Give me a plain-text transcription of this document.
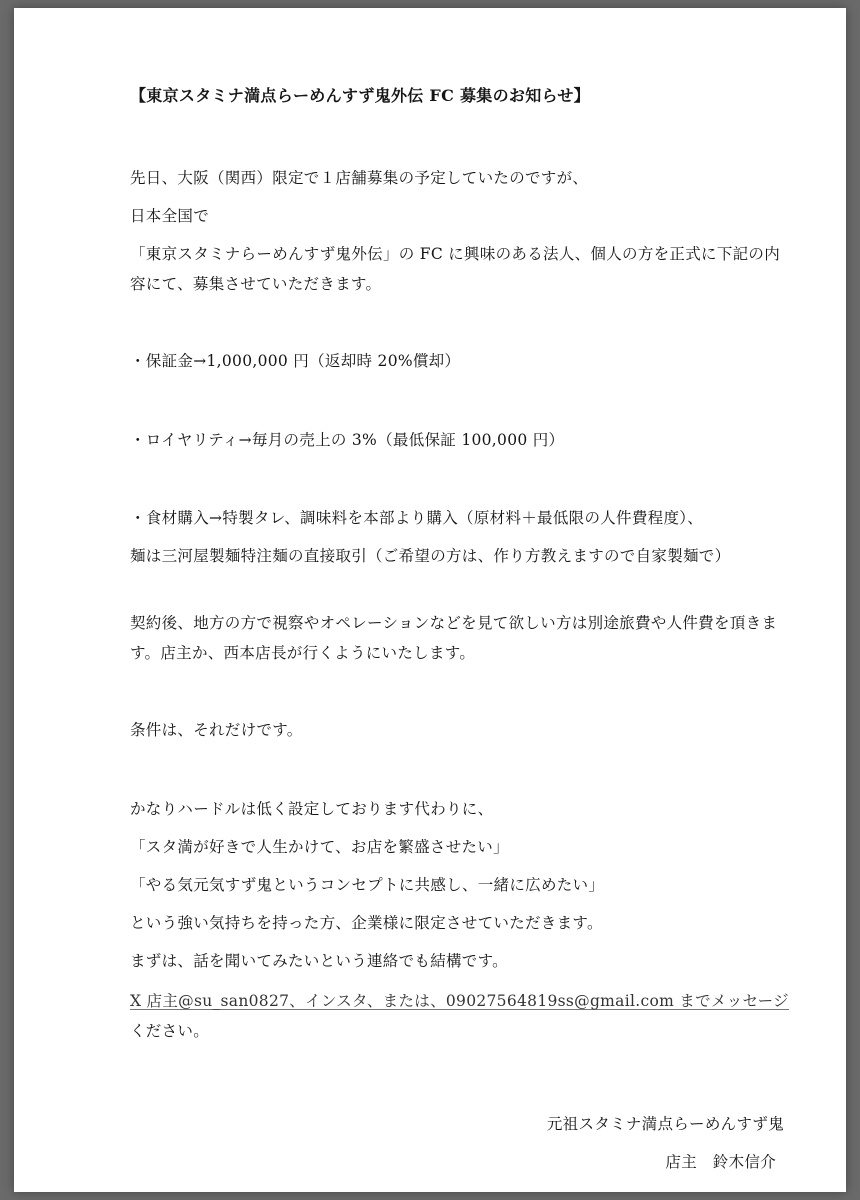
【東京スタミナ満点らーめんすず鬼外伝 FC 募集のお知らせ】

先日、大阪（関西）限定で１店舗募集の予定していたのですが、

日本全国で

「東京スタミナらーめんすず鬼外伝」の FC に興味のある法人、個人の方を正式に下記の内

容にて、募集させていただきます。

・保証金→1,000,000 円（返却時 20%償却）

・ロイヤリティ→毎月の売上の 3%（最低保証 100,000 円）

・食材購入→特製タレ、調味料を本部より購入（原材料＋最低限の人件費程度）、

麺は三河屋製麺特注麺の直接取引（ご希望の方は、作り方教えますので自家製麺で）

契約後、地方の方で視察やオペレーションなどを見て欲しい方は別途旅費や人件費を頂きま

す。店主か、西本店長が行くようにいたします。

条件は、それだけです。

かなりハードルは低く設定しております代わりに、

「スタ満が好きで人生かけて、お店を繁盛させたい」

「やる気元気すず鬼というコンセプトに共感し、一緒に広めたい」

という強い気持ちを持った方、企業様に限定させていただきます。

まずは、話を聞いてみたいという連絡でも結構です。

X 店主@su_san0827、インスタ、または、09027564819ss@gmail.com までメッセージ

ください。

元祖スタミナ満点らーめんすず鬼

店主　鈴木信介
